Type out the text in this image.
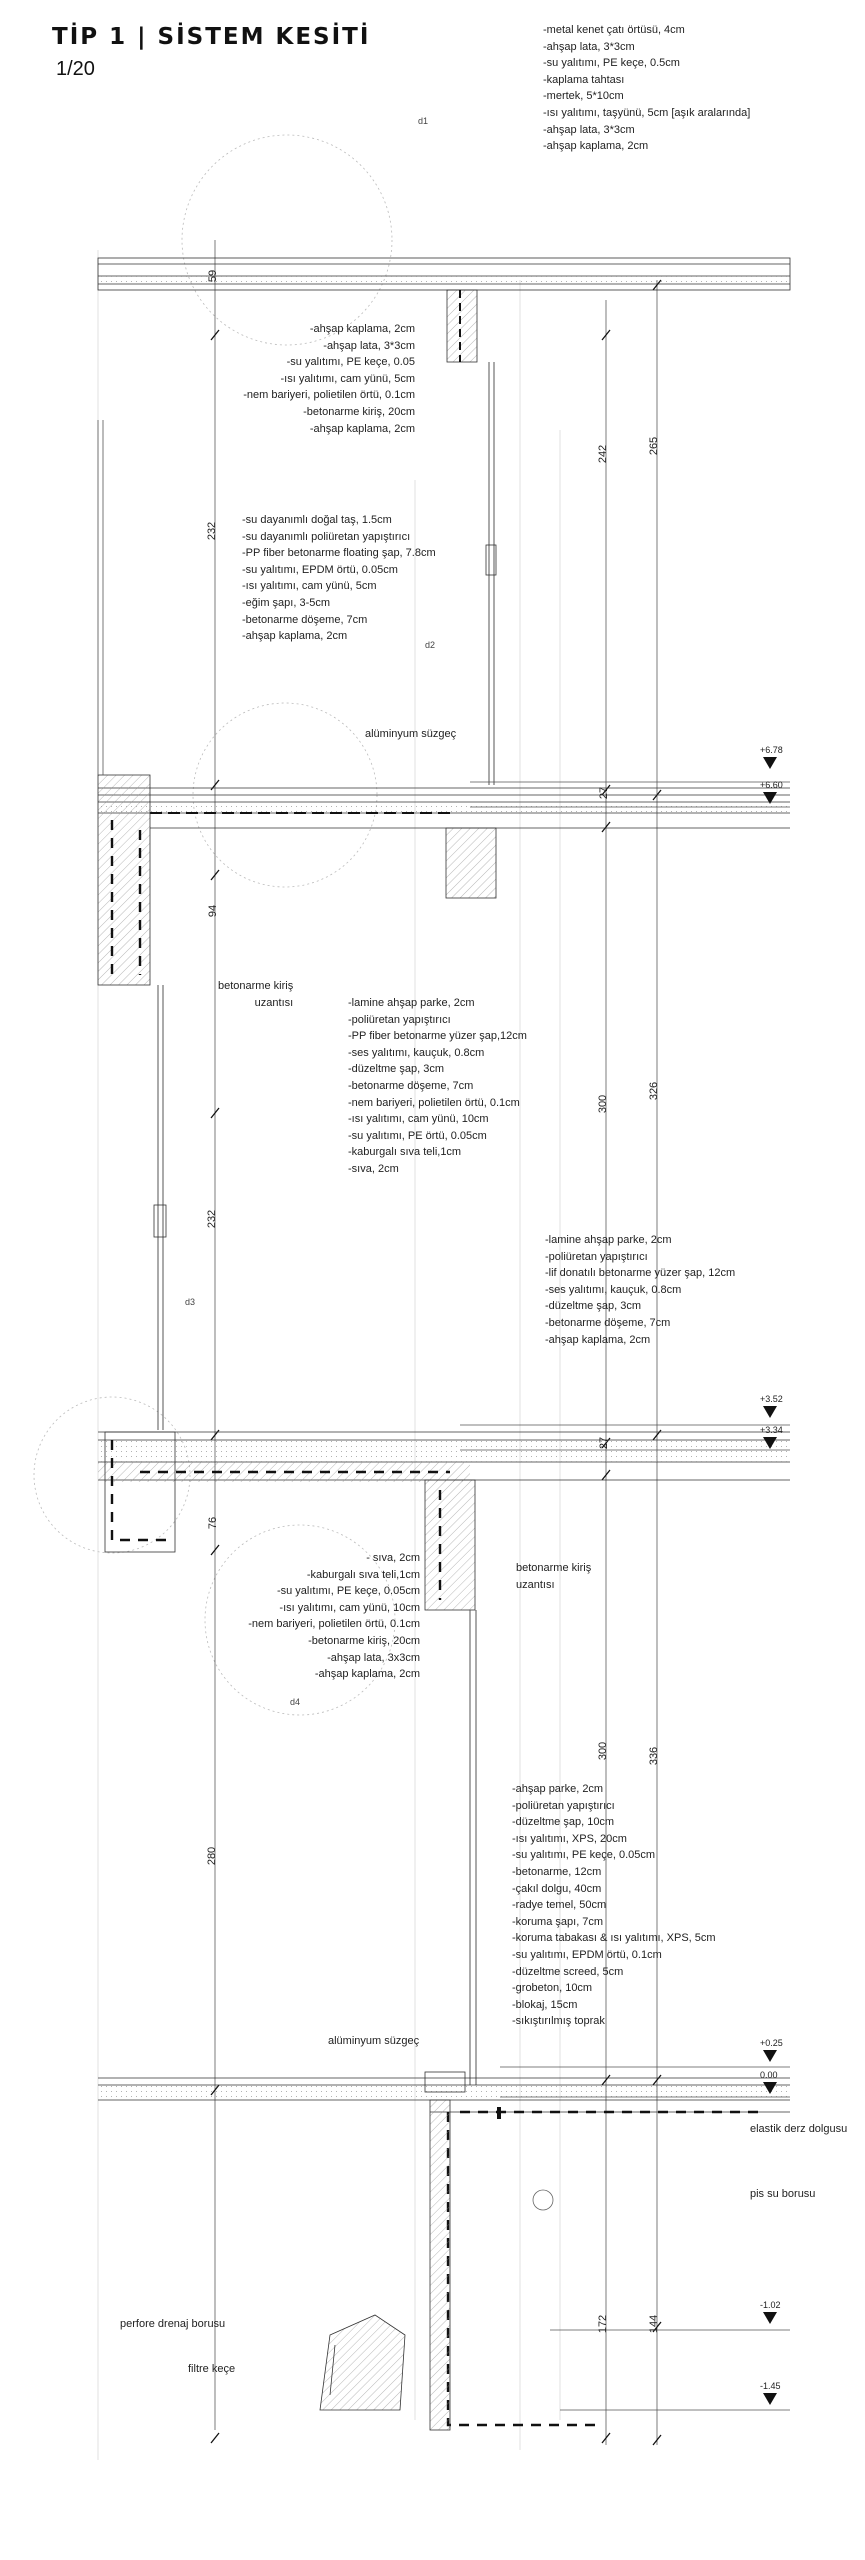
TİP 1 | SİSTEM KESİTİ
1/20
d1
d2
d3
d4
-metal kenet çatı örtüsü, 4cm
-ahşap lata, 3*3cm
-su yalıtımı, PE keçe, 0.5cm
-kaplama tahtası
-mertek, 5*10cm
-ısı yalıtımı, taşyünü, 5cm [aşık aralarında]
-ahşap lata, 3*3cm
-ahşap kaplama, 2cm
-ahşap kaplama, 2cm
-ahşap lata, 3*3cm
-su yalıtımı, PE keçe, 0.05
-ısı yalıtımı, cam yünü, 5cm
-nem bariyeri, polietilen örtü, 0.1cm
-betonarme kiriş, 20cm
-ahşap kaplama, 2cm
-su dayanımlı doğal taş, 1.5cm
-su dayanımlı poliüretan yapıştırıcı
-PP fiber betonarme floating şap, 7.8cm
-su yalıtımı, EPDM örtü, 0.05cm
-ısı yalıtımı, cam yünü, 5cm
-eğim şapı, 3-5cm
-betonarme döşeme, 7cm
-ahşap kaplama, 2cm
alüminyum süzgeç
betonarme kiriş
uzantısı	-lamine ahşap parke, 2cm
-poliüretan yapıştırıcı
-PP fiber betonarme yüzer şap,12cm
-ses yalıtımı, kauçuk, 0.8cm
-düzeltme şap, 3cm
-betonarme döşeme, 7cm
-nem bariyeri, polietilen örtü, 0.1cm
-ısı yalıtımı, cam yünü, 10cm
-su yalıtımı, PE örtü, 0.05cm
-kaburgalı sıva teli,1cm
-sıva, 2cm
-lamine ahşap parke, 2cm
-poliüretan yapıştırıcı
-lif donatılı betonarme yüzer şap, 12cm
-ses yalıtımı, kauçuk, 0.8cm
-düzeltme şap, 3cm
-betonarme döşeme, 7cm
-ahşap kaplama, 2cm
- sıva, 2cm
-kaburgalı sıva teli,1cm
-su yalıtımı, PE keçe, 0.05cm
-ısı yalıtımı, cam yünü, 10cm
-nem bariyeri, polietilen örtü, 0.1cm
-betonarme kiriş, 20cm
-ahşap lata, 3x3cm
-ahşap kaplama, 2cm
betonarme kiriş
uzantısı
-ahşap parke, 2cm
-poliüretan yapıştırıcı
-düzeltme şap, 10cm
-ısı yalıtımı, XPS, 20cm
-su yalıtımı, PE keçe, 0.05cm
-betonarme, 12cm
-çakıl dolgu, 40cm
-radye temel, 50cm
-koruma şapı, 7cm
-koruma tabakası & ısı yalıtımı, XPS, 5cm
-su yalıtımı, EPDM örtü, 0.1cm
-düzeltme screed, 5cm
-grobeton, 10cm
-blokaj, 15cm
-sıkıştırılmış toprak
alüminyum süzgeç
elastik derz dolgusu
pis su borusu
perfore drenaj borusu
filtre keçe
59
232
242	265
27
94
232
300
326
27
76
300	336
280
172	144
+6.78
+6.60
+3.52
+3.34
+0.25
0.00
-1.02
-1.45
